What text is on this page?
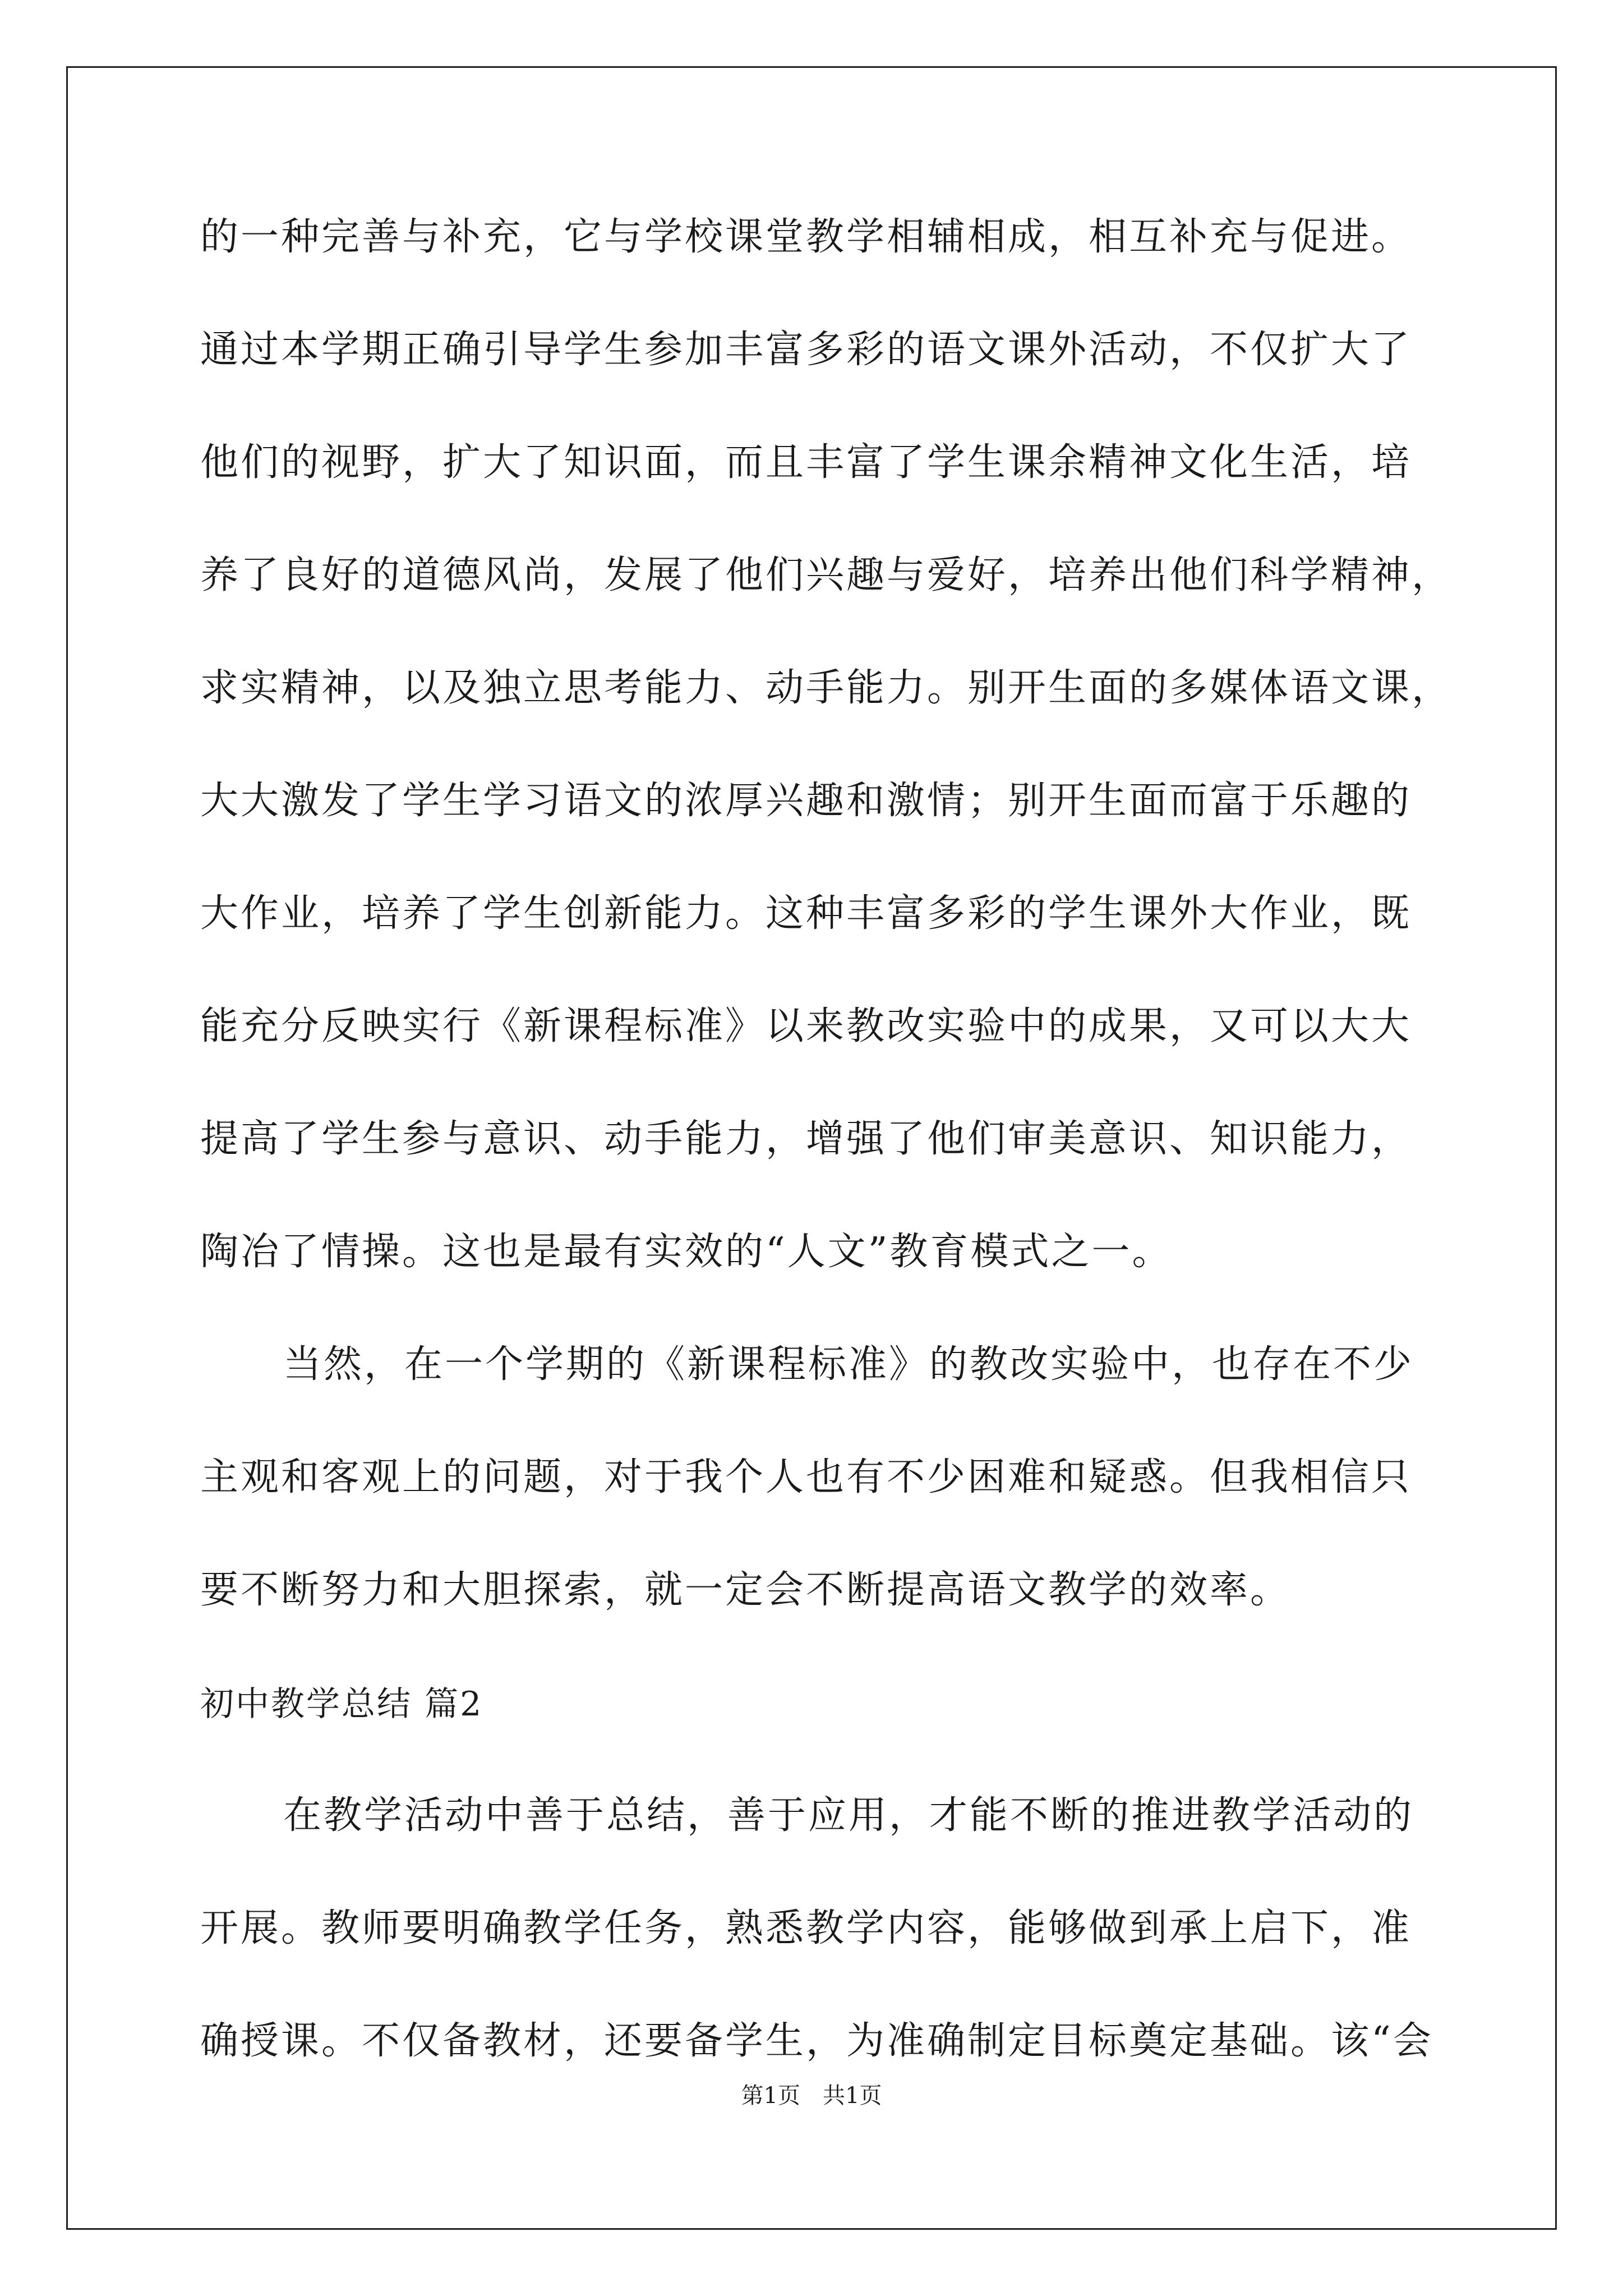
的一种完善与补充，它与学校课堂教学相辅相成，相互补充与促进。
通过本学期正确引导学生参加丰富多彩的语文课外活动，不仅扩大了
他们的视野，扩大了知识面，而且丰富了学生课余精神文化生活，培
养了良好的道德风尚，发展了他们兴趣与爱好，培养出他们科学精神，
求实精神，以及独立思考能力、动手能力。别开生面的多媒体语文课，
大大激发了学生学习语文的浓厚兴趣和激情；别开生面而富于乐趣的
大作业，培养了学生创新能力。这种丰富多彩的学生课外大作业，既
能充分反映实行《新课程标准》以来教改实验中的成果，又可以大大
提高了学生参与意识、动手能力，增强了他们审美意识、知识能力，
陶冶了情操。这也是最有实效的“人文”教育模式之一。
当然，在一个学期的《新课程标准》的教改实验中，也存在不少
主观和客观上的问题，对于我个人也有不少困难和疑惑。但我相信只
要不断努力和大胆探索，就一定会不断提高语文教学的效率。
初中教学总结 篇2
在教学活动中善于总结，善于应用，才能不断的推进教学活动的
开展。教师要明确教学任务，熟悉教学内容，能够做到承上启下，准
确授课。不仅备教材，还要备学生，为准确制定目标奠定基础。该“会
第1页　共1页
